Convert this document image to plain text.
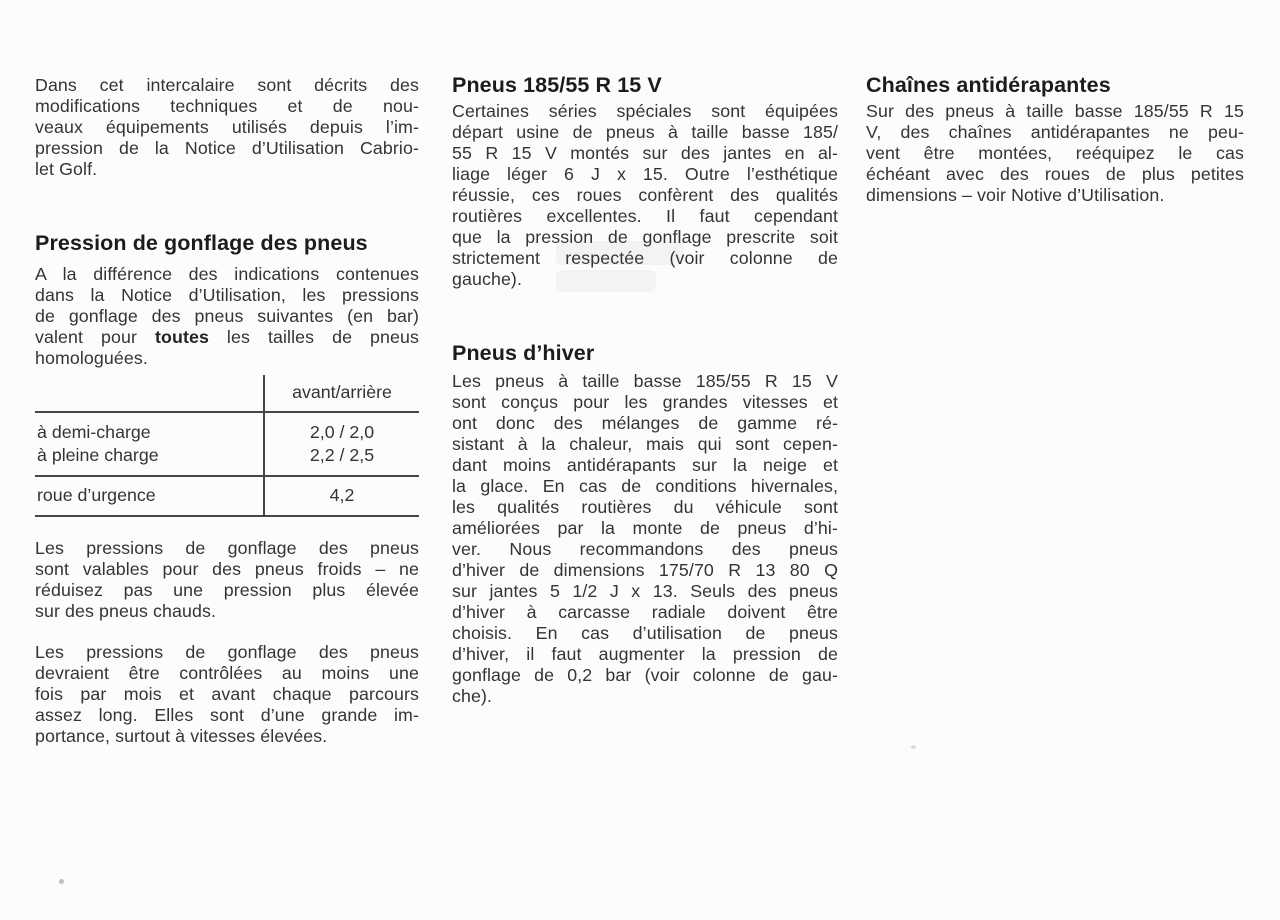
Dans cet intercalaire sont décrits des
modifications techniques et de nou-
veaux équipements utilisés depuis l’im-
pression de la Notice d’Utilisation Cabrio-
let Golf.
Pression de gonflage des pneus
A la différence des indications contenues
dans la Notice d’Utilisation, les pressions
de gonflage des pneus suivantes (en bar)
valent pour toutes les tailles de pneus
homologuées.
	avant/arrière
à demi-charge	2,0 / 2,0
à pleine charge	2,2 / 2,5
roue d’urgence	4,2
Les pressions de gonflage des pneus
sont valables pour des pneus froids – ne
réduisez pas une pression plus élevée
sur des pneus chauds.
Les pressions de gonflage des pneus
devraient être contrôlées au moins une
fois par mois et avant chaque parcours
assez long. Elles sont d’une grande im-
portance, surtout à vitesses élevées.
Pneus 185/55 R 15 V
Certaines séries spéciales sont équipées
départ usine de pneus à taille basse 185/
55 R 15 V montés sur des jantes en al-
liage léger 6 J x 15. Outre l’esthétique
réussie, ces roues confèrent des qualités
routières excellentes. Il faut cependant
que la pression de gonflage prescrite soit
strictement respectée (voir colonne de
gauche).
Pneus d’hiver
Les pneus à taille basse 185/55 R 15 V
sont conçus pour les grandes vitesses et
ont donc des mélanges de gamme ré-
sistant à la chaleur, mais qui sont cepen-
dant moins antidérapants sur la neige et
la glace. En cas de conditions hivernales,
les qualités routières du véhicule sont
améliorées par la monte de pneus d’hi-
ver. Nous recommandons des pneus
d’hiver de dimensions 175/70 R 13 80 Q
sur jantes 5 1/2 J x 13. Seuls des pneus
d’hiver à carcasse radiale doivent être
choisis. En cas d’utilisation de pneus
d’hiver, il faut augmenter la pression de
gonflage de 0,2 bar (voir colonne de gau-
che).
Chaînes antidérapantes
Sur des pneus à taille basse 185/55 R 15
V, des chaînes antidérapantes ne peu-
vent être montées, reéquipez le cas
échéant avec des roues de plus petites
dimensions – voir Notive d’Utilisation.
